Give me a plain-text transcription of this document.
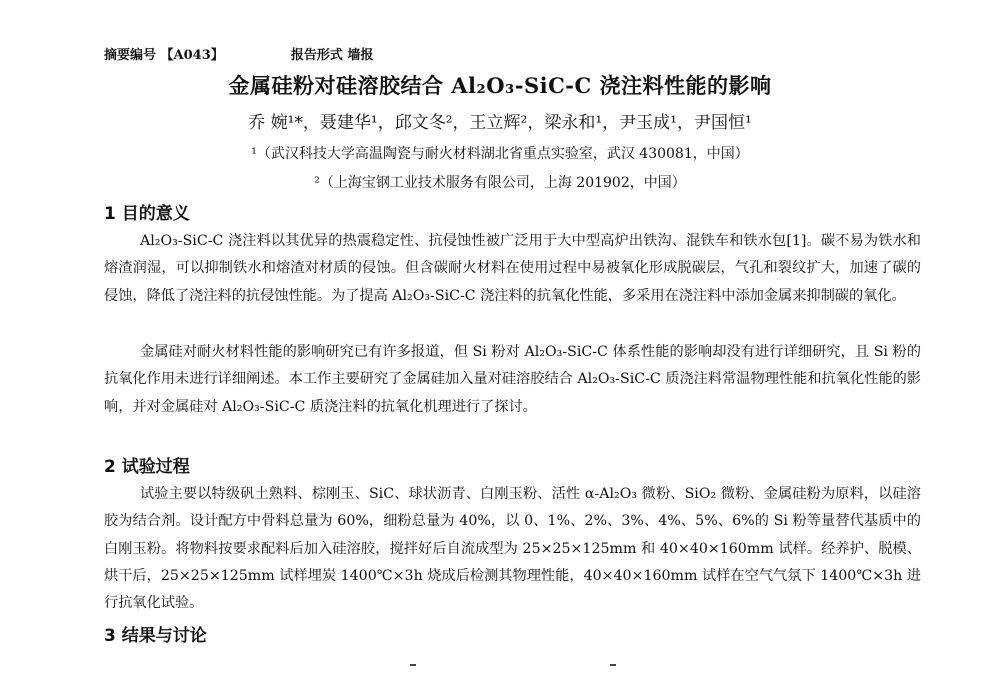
摘要编号 【A043】	报告形式 墙报
金属硅粉对硅溶胶结合 Al₂O₃-SiC-C 浇注料性能的影响
乔 婉¹*，聂建华¹，邱文冬²，王立辉²，梁永和¹，尹玉成¹，尹国恒¹
¹（武汉科技大学高温陶瓷与耐火材料湖北省重点实验室，武汉 430081，中国）
²（上海宝钢工业技术服务有限公司，上海 201902，中国）
1 目的意义

Al₂O₃-SiC-C 浇注料以其优异的热震稳定性、抗侵蚀性被广泛用于大中型高炉出铁沟、混铁车和铁水包[1]。碳不易为铁水和熔渣润湿，可以抑制铁水和熔渣对材质的侵蚀。但含碳耐火材料在使用过程中易被氧化形成脱碳层，气孔和裂纹扩大，加速了碳的侵蚀，降低了浇注料的抗侵蚀性能。为了提高 Al₂O₃-SiC-C 浇注料的抗氧化性能，多采用在浇注料中添加金属来抑制碳的氧化。

金属硅对耐火材料性能的影响研究已有许多报道，但 Si 粉对 Al₂O₃-SiC-C 体系性能的影响却没有进行详细研究，且 Si 粉的抗氧化作用未进行详细阐述。本工作主要研究了金属硅加入量对硅溶胶结合 Al₂O₃-SiC-C 质浇注料常温物理性能和抗氧化性能的影响，并对金属硅对 Al₂O₃-SiC-C 质浇注料的抗氧化机理进行了探讨。

2 试验过程

试验主要以特级矾土熟料、棕刚玉、SiC、球状沥青、白刚玉粉、活性 α-Al₂O₃ 微粉、SiO₂ 微粉、金属硅粉为原料，以硅溶胶为结合剂。设计配方中骨料总量为 60%，细粉总量为 40%，以 0、1%、2%、3%、4%、5%、6%的 Si 粉等量替代基质中的白刚玉粉。将物料按要求配料后加入硅溶胶，搅拌好后自流成型为 25×25×125mm 和 40×40×160mm 试样。经养护、脱模、烘干后，25×25×125mm 试样埋炭 1400℃×3h 烧成后检测其物理性能，40×40×160mm 试样在空气气氛下 1400℃×3h 进行抗氧化试验。

3 结果与讨论
